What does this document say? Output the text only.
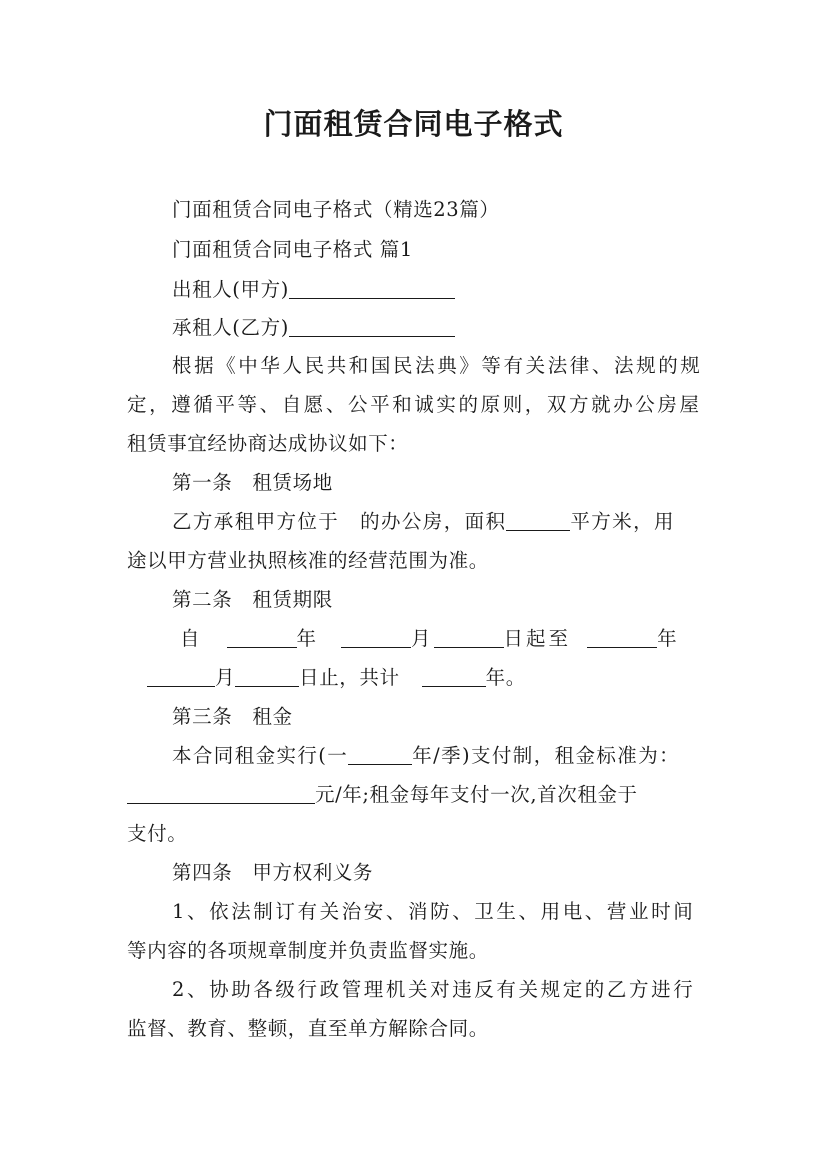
门面租赁合同电子格式
门面租赁合同电子格式（精选23篇）
门面租赁合同电子格式 篇1
出租人(甲方)
承租人(乙方)
根据《中华人民共和国民法典》等有关法律、法规的规
定，遵循平等、自愿、公平和诚实的原则，双方就办公房屋
租赁事宜经协商达成协议如下：
第一条　租赁场地
乙方承租甲方位于　的办公房，面积	平方米，用
途以甲方营业执照核准的经营范围为准。
第二条　租赁期限
自	年	月	日起至	年
月	日止，共计	年。
第三条　租金
本合同租金实行(一	年/季)支付制，租金标准为：
元/年;租金每年支付一次,首次租金于
支付。
第四条　甲方权利义务
1、依法制订有关治安、消防、卫生、用电、营业时间
等内容的各项规章制度并负责监督实施。
2、协助各级行政管理机关对违反有关规定的乙方进行
监督、教育、整顿，直至单方解除合同。
